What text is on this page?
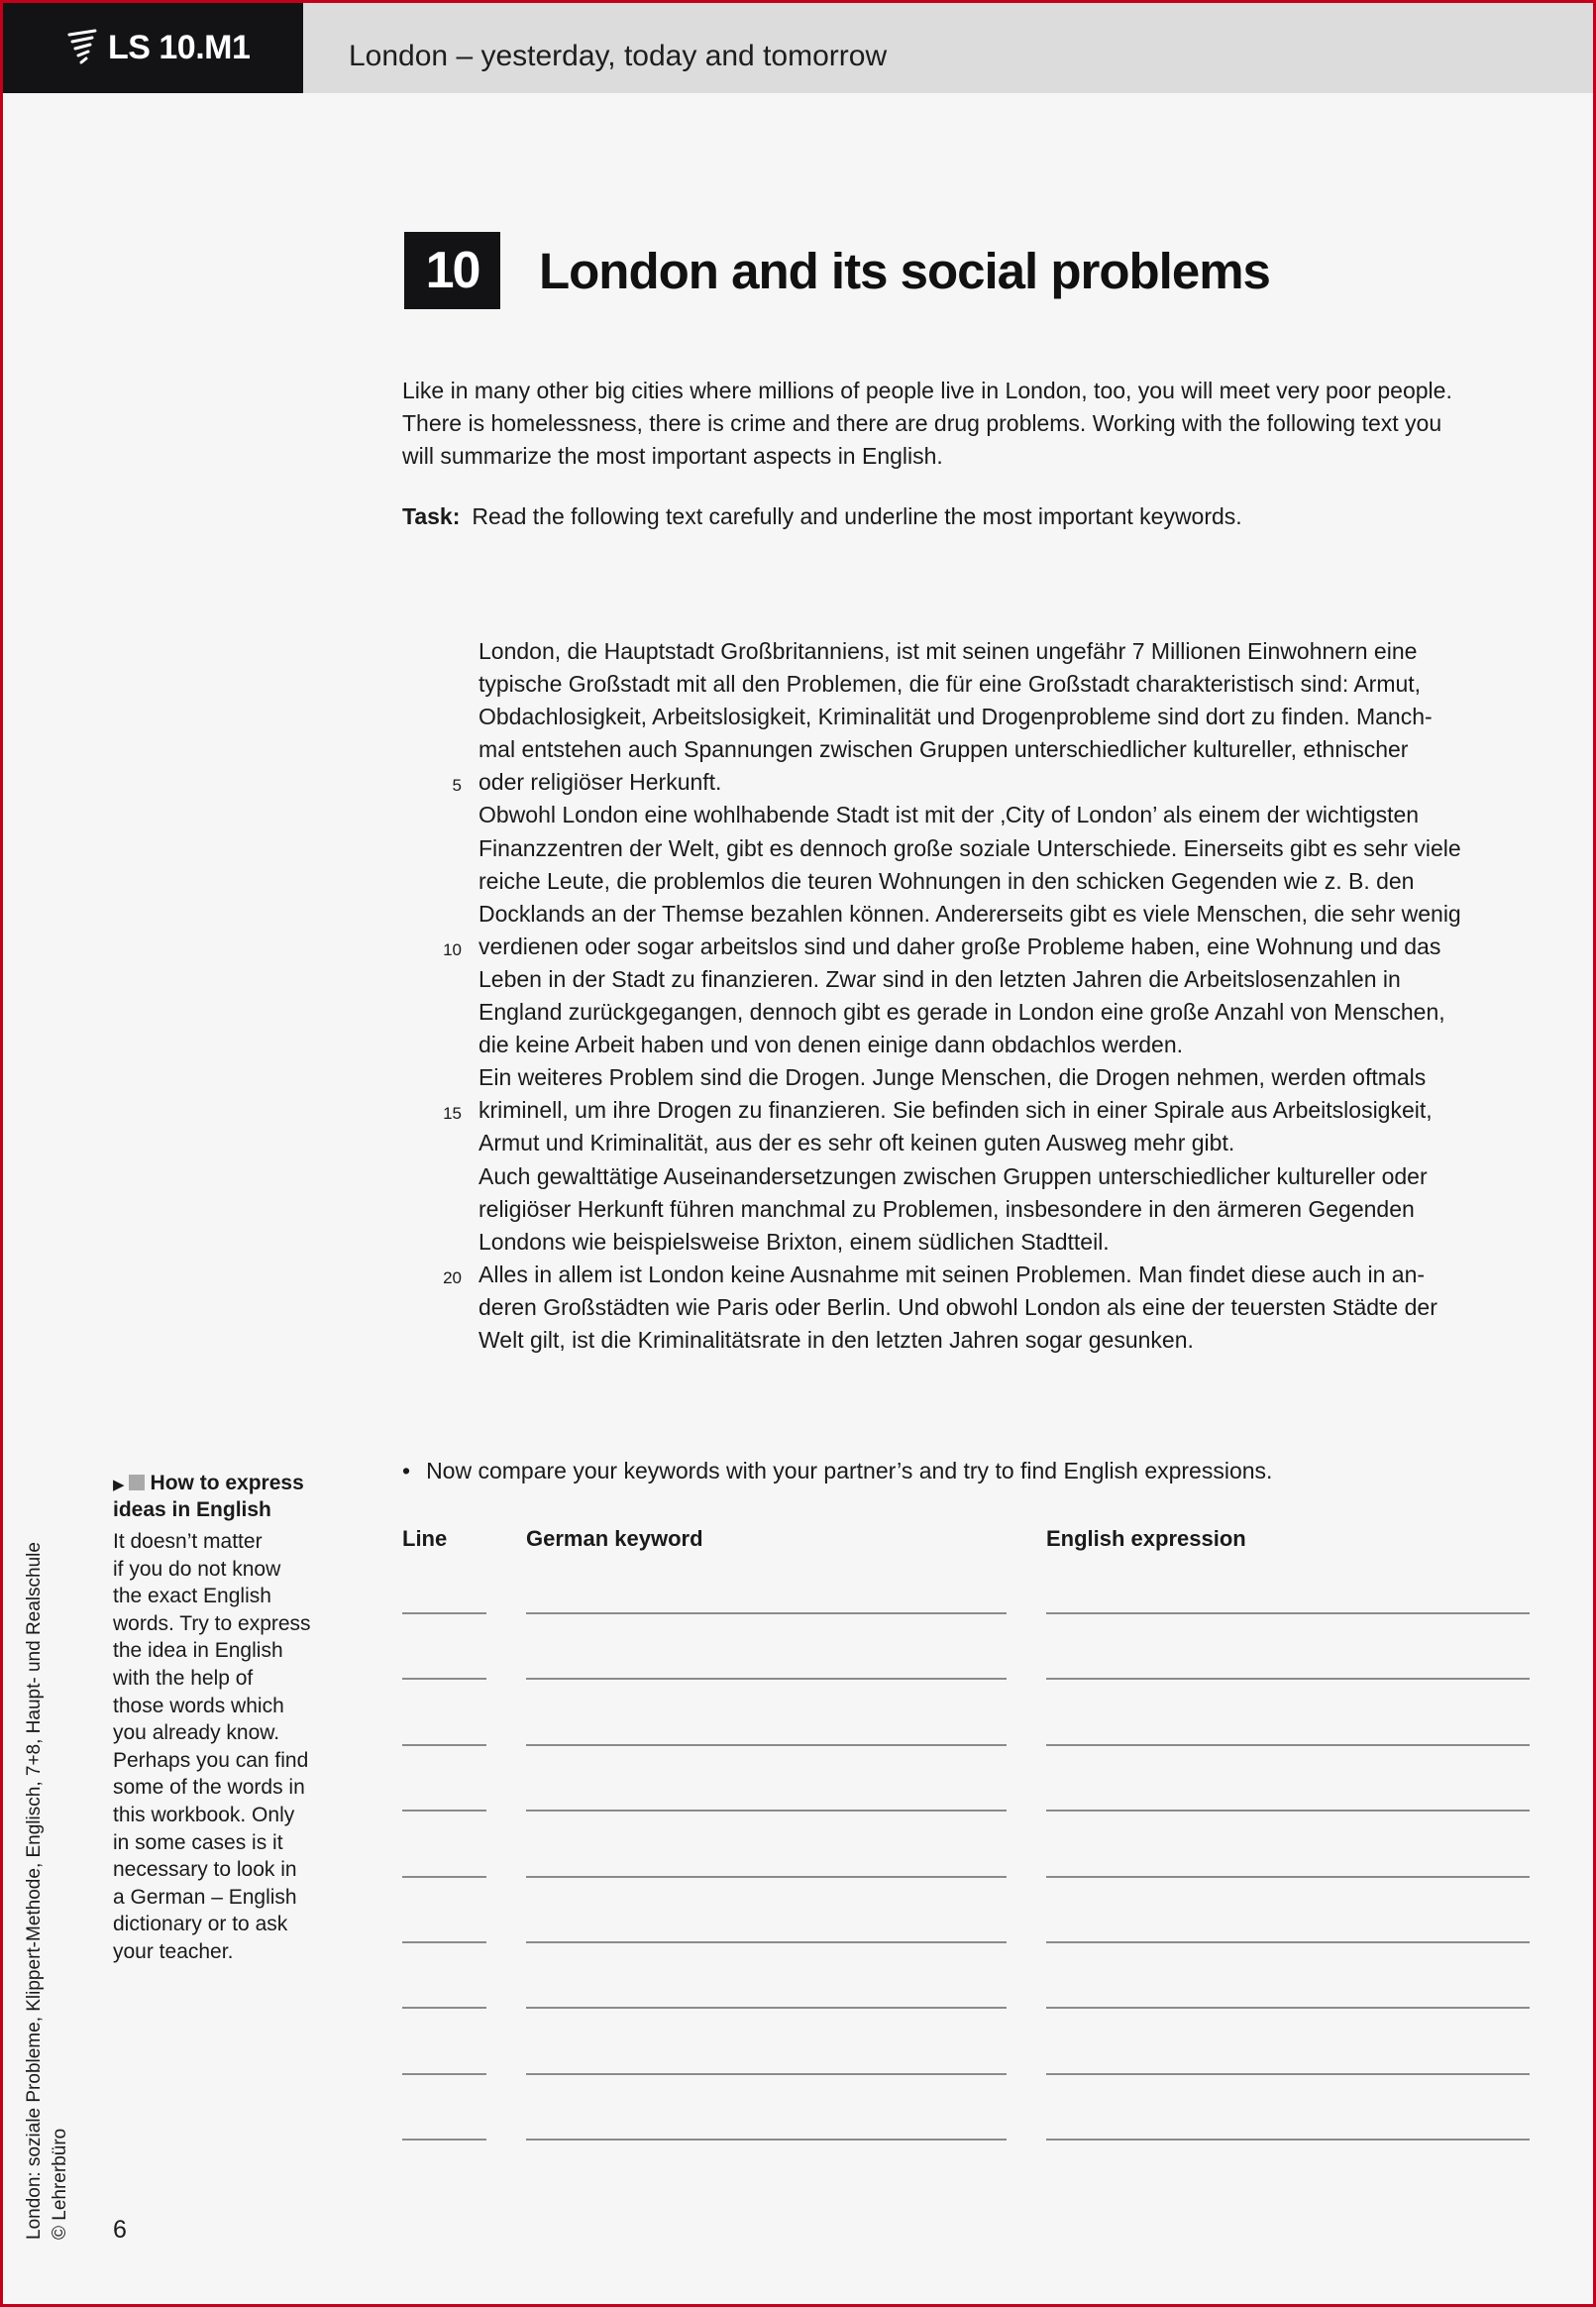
LS 10.M1	London – yesterday, today and tomorrow
10	London and its social problems

Like in many other big cities where millions of people live in London, too, you will meet very poor people.

There is homelessness, there is crime and there are drug problems. Working with the following text you

will summarize the most important aspects in English.

Task: Read the following text carefully and underline the most important keywords.
London, die Hauptstadt Großbritanniens, ist mit seinen ungefähr 7 Millionen Einwohnern eine
typische Großstadt mit all den Problemen, die für eine Großstadt charakteristisch sind: Armut,
Obdachlosigkeit, Arbeitslosigkeit, Kriminalität und Drogenprobleme sind dort zu finden. Manch-
mal entstehen auch Spannungen zwischen Gruppen unterschiedlicher kultureller, ethnischer
5 oder religiöser Herkunft.
Obwohl London eine wohlhabende Stadt ist mit der ‚City of London’ als einem der wichtigsten
Finanzzentren der Welt, gibt es dennoch große soziale Unterschiede. Einerseits gibt es sehr viele
reiche Leute, die problemlos die teuren Wohnungen in den schicken Gegenden wie z. B. den
Docklands an der Themse bezahlen können. Andererseits gibt es viele Menschen, die sehr wenig
10 verdienen oder sogar arbeitslos sind und daher große Probleme haben, eine Wohnung und das
Leben in der Stadt zu finanzieren. Zwar sind in den letzten Jahren die Arbeitslosenzahlen in
England zurückgegangen, dennoch gibt es gerade in London eine große Anzahl von Menschen,
die keine Arbeit haben und von denen einige dann obdachlos werden.
Ein weiteres Problem sind die Drogen. Junge Menschen, die Drogen nehmen, werden oftmals
15 kriminell, um ihre Drogen zu finanzieren. Sie befinden sich in einer Spirale aus Arbeitslosigkeit,
Armut und Kriminalität, aus der es sehr oft keinen guten Ausweg mehr gibt.
Auch gewalttätige Auseinandersetzungen zwischen Gruppen unterschiedlicher kultureller oder
religiöser Herkunft führen manchmal zu Problemen, insbesondere in den ärmeren Gegenden
Londons wie beispielsweise Brixton, einem südlichen Stadtteil.
20 Alles in allem ist London keine Ausnahme mit seinen Problemen. Man findet diese auch in an-
deren Großstädten wie Paris oder Berlin. Und obwohl London als eine der teuersten Städte der
Welt gilt, ist die Kriminalitätsrate in den letzten Jahren sogar gesunken.
• Now compare your keywords with your partner’s and try to find English expressions.
Line	German keyword	English expression
▶ How to express
ideas in English
It doesn’t matter
if you do not know
the exact English
words. Try to express
the idea in English
with the help of
those words which
you already know.
Perhaps you can find
some of the words in
this workbook. Only
in some cases is it
necessary to look in
a German – English
dictionary or to ask
your teacher.
London: soziale Probleme, Klippert-Methode, Englisch, 7+8, Haupt- und Realschule © Lehrerbüro 6
